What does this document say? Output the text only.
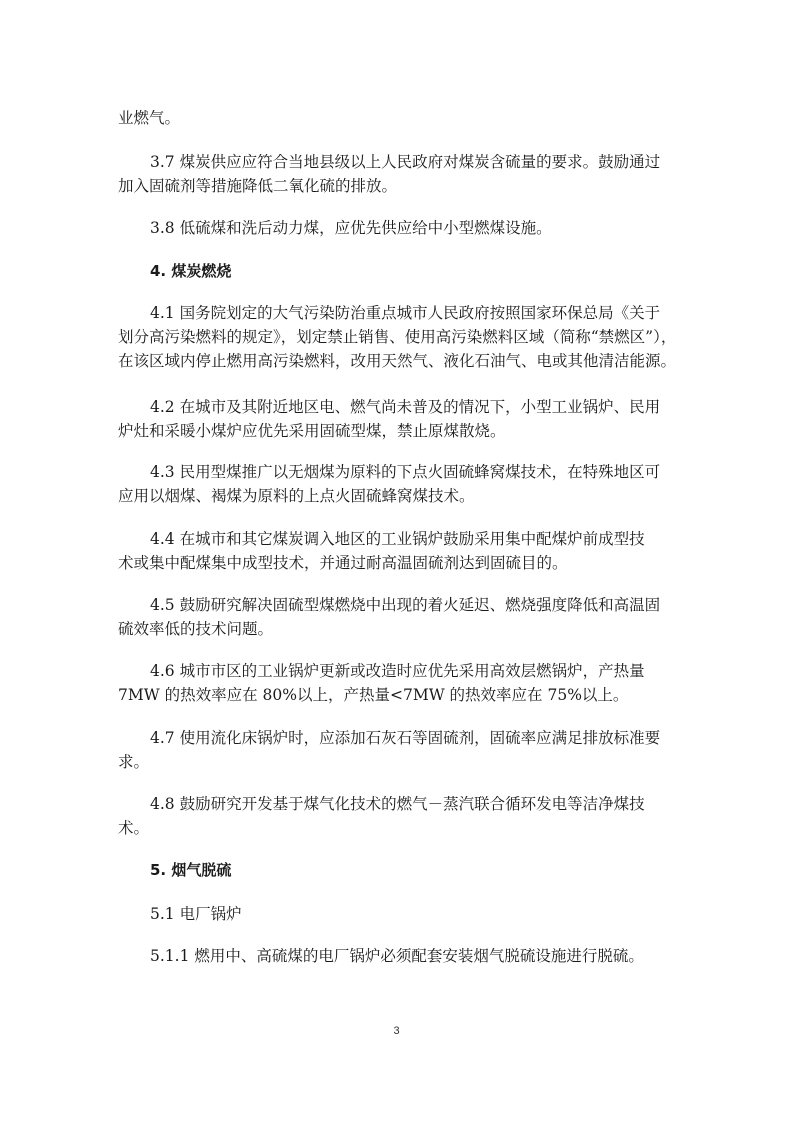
业燃气。
3.7 煤炭供应应符合当地县级以上人民政府对煤炭含硫量的要求。鼓励通过
加入固硫剂等措施降低二氧化硫的排放。
3.8 低硫煤和洗后动力煤，应优先供应给中小型燃煤设施。
4. 煤炭燃烧
4.1 国务院划定的大气污染防治重点城市人民政府按照国家环保总局《关于
划分高污染燃料的规定》，划定禁止销售、使用高污染燃料区域（简称“禁燃区”），
在该区域内停止燃用高污染燃料，改用天然气、液化石油气、电或其他清洁能源。
4.2 在城市及其附近地区电、燃气尚未普及的情况下，小型工业锅炉、民用
炉灶和采暖小煤炉应优先采用固硫型煤，禁止原煤散烧。
4.3 民用型煤推广以无烟煤为原料的下点火固硫蜂窝煤技术，在特殊地区可
应用以烟煤、褐煤为原料的上点火固硫蜂窝煤技术。
4.4 在城市和其它煤炭调入地区的工业锅炉鼓励采用集中配煤炉前成型技
术或集中配煤集中成型技术，并通过耐高温固硫剂达到固硫目的。
4.5 鼓励研究解决固硫型煤燃烧中出现的着火延迟、燃烧强度降低和高温固
硫效率低的技术问题。
4.6 城市市区的工业锅炉更新或改造时应优先采用高效层燃锅炉，产热量
7MW 的热效率应在 80%以上，产热量<7MW 的热效率应在 75%以上。
4.7 使用流化床锅炉时，应添加石灰石等固硫剂，固硫率应满足排放标准要
求。
4.8 鼓励研究开发基于煤气化技术的燃气－蒸汽联合循环发电等洁净煤技
术。
5. 烟气脱硫
5.1 电厂锅炉
5.1.1 燃用中、高硫煤的电厂锅炉必须配套安装烟气脱硫设施进行脱硫。
3
